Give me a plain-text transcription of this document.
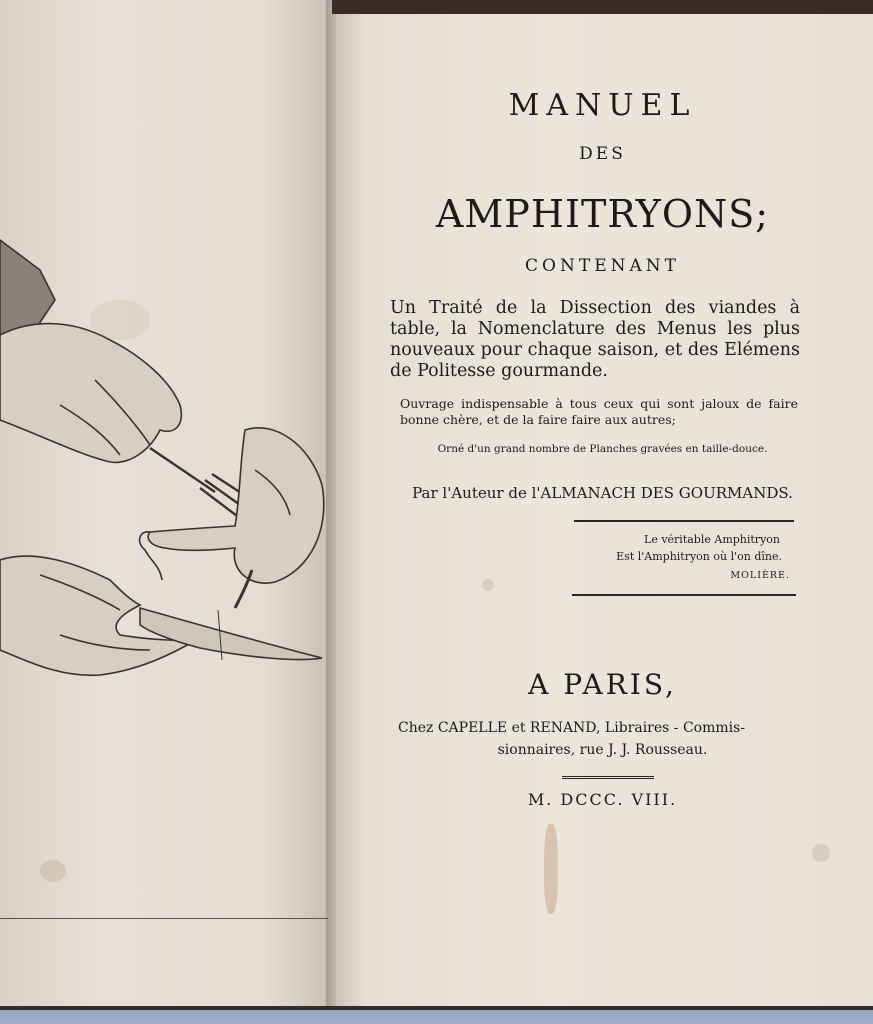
MANUEL
DES
AMPHITRYONS;
CONTENANT
Un Traité de la Dissection des viandes à table, la Nomenclature des Menus les plus nouveaux pour chaque saison, et des Elémens de Politesse gourmande.
Ouvrage indispensable à tous ceux qui sont jaloux de faire bonne chère, et de la faire faire aux autres;
Orné d'un grand nombre de Planches gravées en taille-douce.
Par l'Auteur de l'ALMANACH DES GOURMANDS.
Le véritable Amphitryon
Est l'Amphitryon où l'on dîne.
MOLIÈRE.
A PARIS,
Chez CAPELLE et RENAND, Libraires - Commis-
sionnaires, rue J. J. Rousseau.
M. DCCC. VIII.
